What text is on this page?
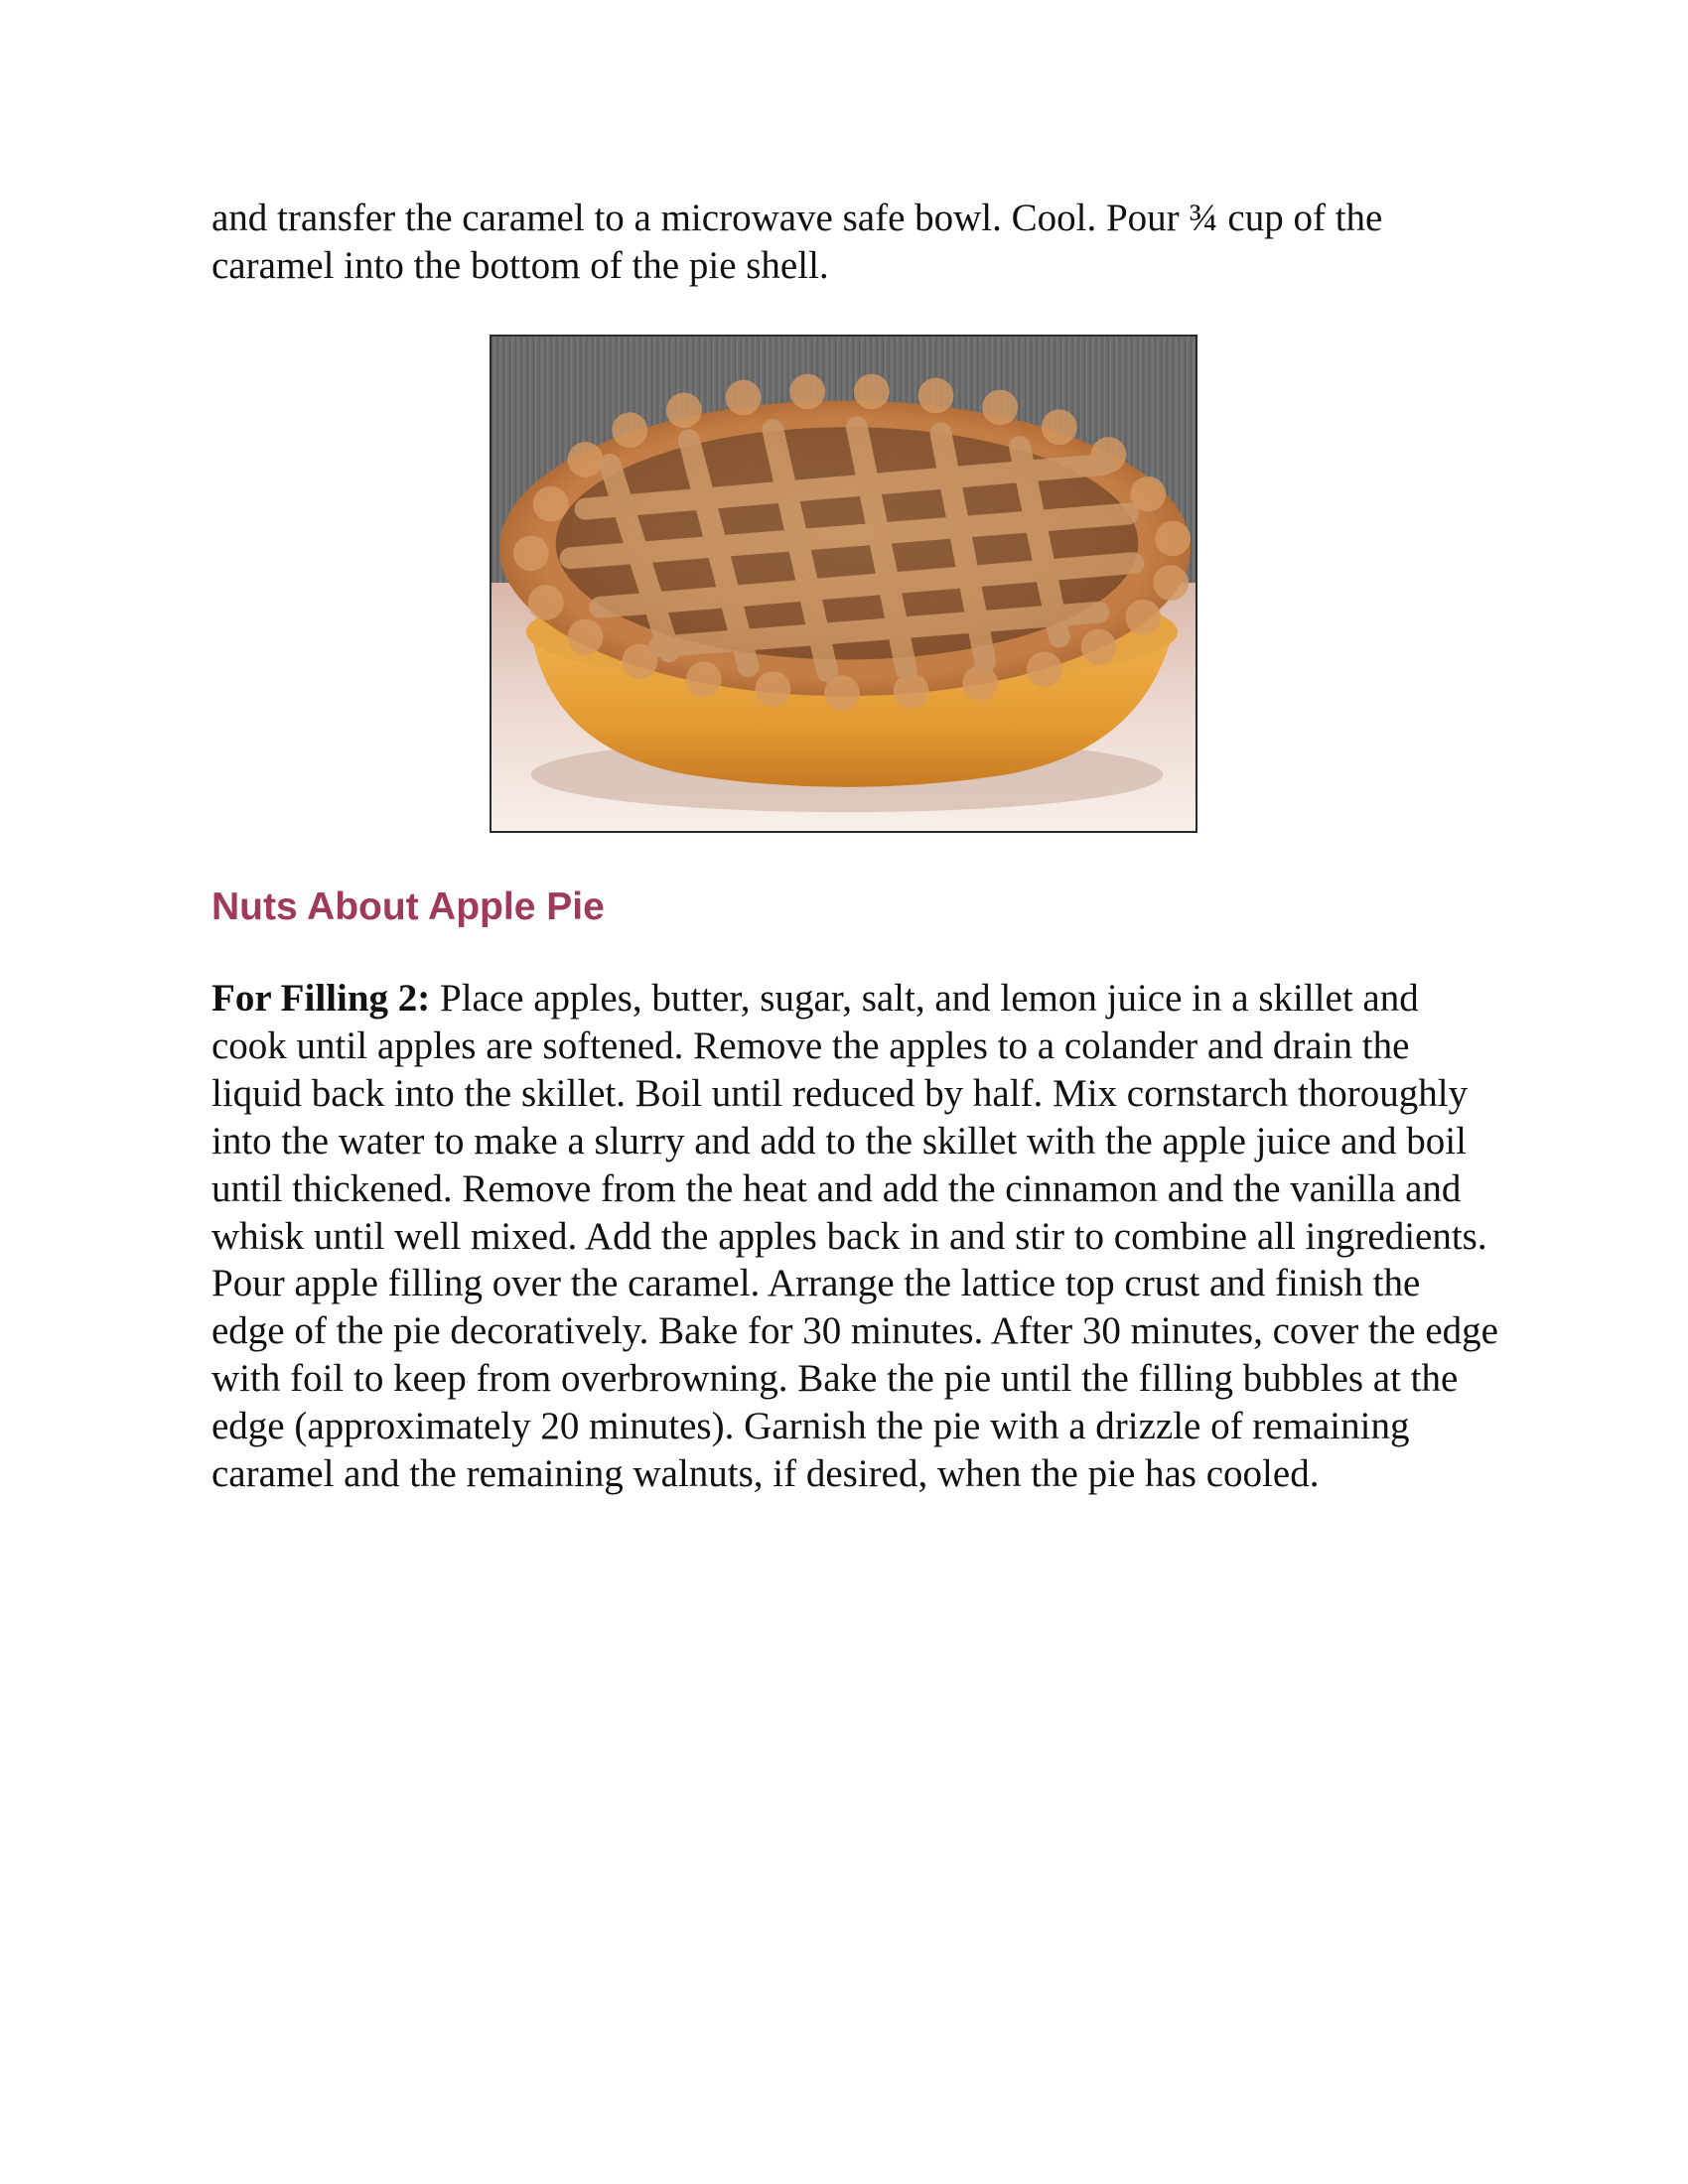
and transfer the caramel to a microwave safe bowl. Cool. Pour ¾ cup of the caramel into the bottom of the pie shell.

Nuts About Apple Pie

For Filling 2: Place apples, butter, sugar, salt, and lemon juice in a skillet and cook until apples are softened. Remove the apples to a colander and drain the liquid back into the skillet. Boil until reduced by half. Mix cornstarch thoroughly into the water to make a slurry and add to the skillet with the apple juice and boil until thickened. Remove from the heat and add the cinnamon and the vanilla and whisk until well mixed. Add the apples back in and stir to combine all ingredients. Pour apple filling over the caramel. Arrange the lattice top crust and finish the edge of the pie decoratively. Bake for 30 minutes. After 30 minutes, cover the edge with foil to keep from overbrowning. Bake the pie until the filling bubbles at the edge (approximately 20 minutes). Garnish the pie with a drizzle of remaining caramel and the remaining walnuts, if desired, when the pie has cooled.
